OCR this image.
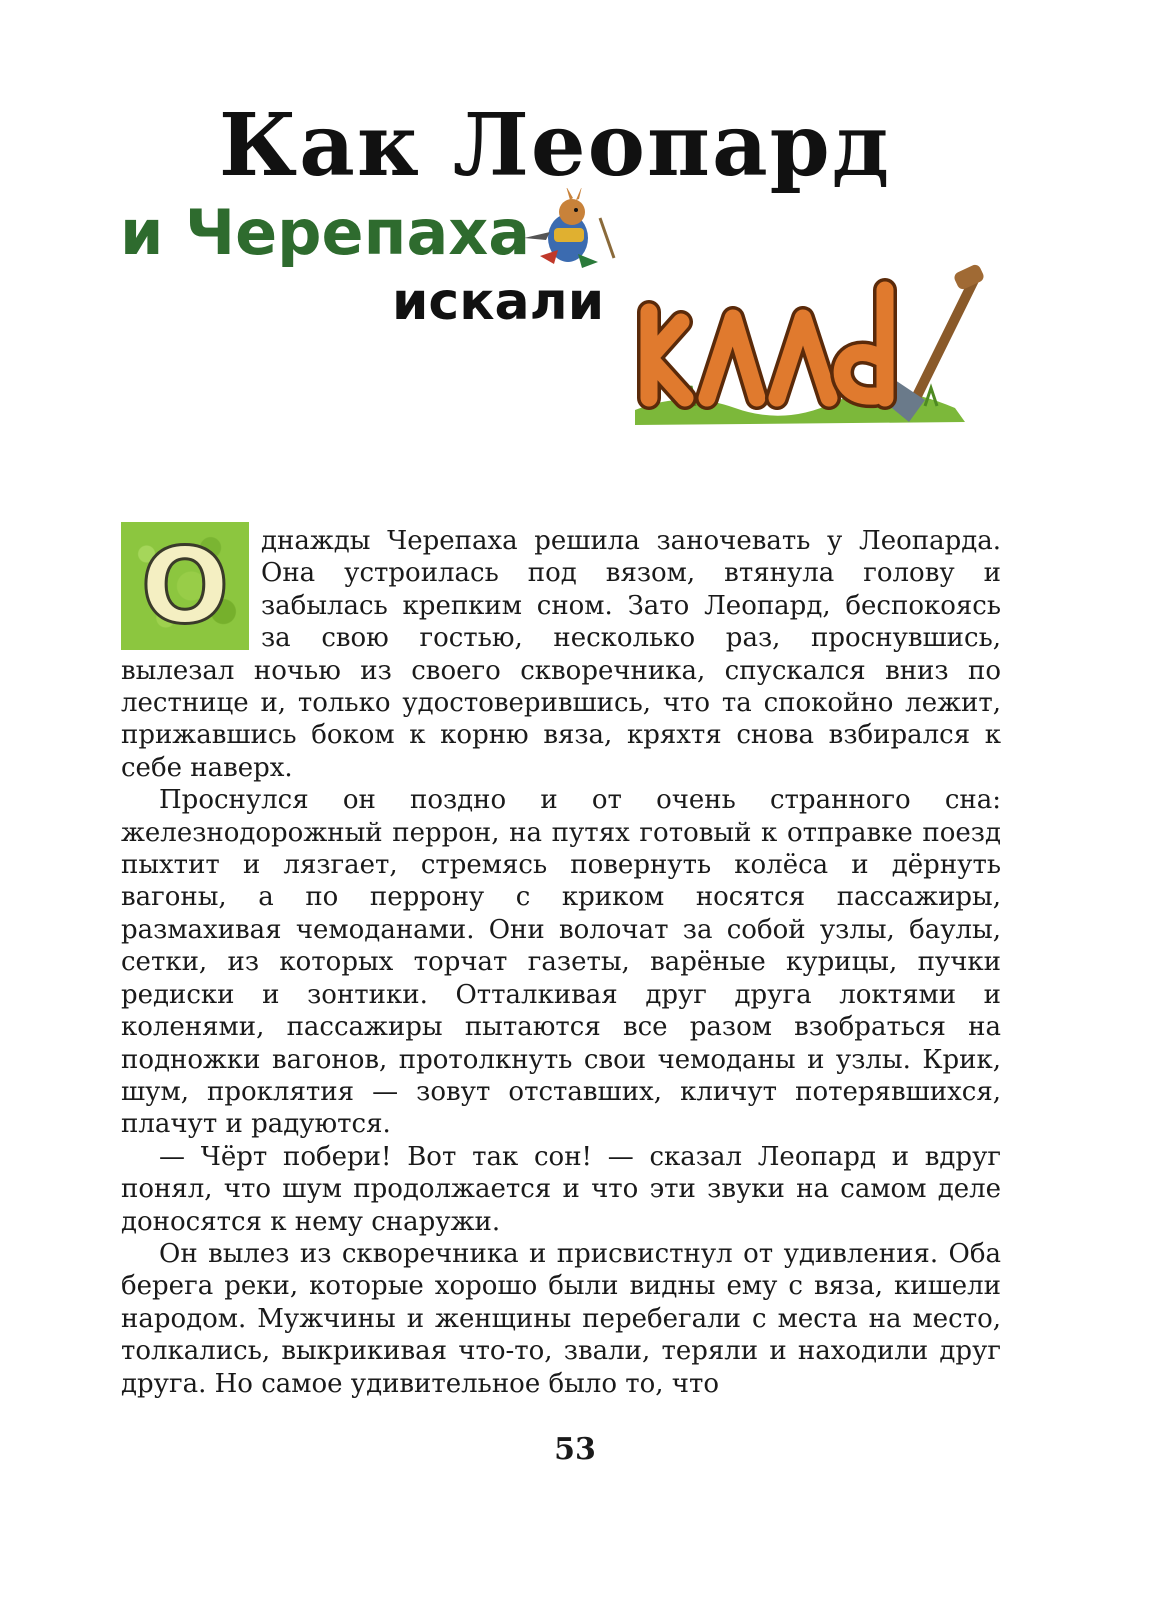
Как Леопард
и Черепаха
искали
клад
О	днажды Черепаха решила заночевать у Леопарда. Она устроилась под вязом, втянула голову и забылась крепким сном. Зато Леопард, беспокоясь за свою гостью, несколько раз, проснувшись, вылезал ночью из своего скворечника, спускался вниз по лестнице и, только удостоверившись, что та спокойно лежит, прижавшись боком к корню вяза, кряхтя снова взбирался к себе наверх.

Проснулся он поздно и от очень странного сна: железнодорожный перрон, на путях готовый к отправке поезд пыхтит и лязгает, стремясь повернуть колёса и дёрнуть вагоны, а по перрону с криком носятся пассажиры, размахивая чемоданами. Они волочат за собой узлы, баулы, сетки, из которых торчат газеты, варёные курицы, пучки редиски и зонтики. Отталкивая друг друга локтями и коленями, пассажиры пытаются все разом взобраться на подножки вагонов, протолкнуть свои чемоданы и узлы. Крик, шум, проклятия — зовут отставших, кличут потерявшихся, плачут и радуются.

— Чёрт побери! Вот так сон! — сказал Леопард и вдруг понял, что шум продолжается и что эти звуки на самом деле доносятся к нему снаружи.

Он вылез из скворечника и присвистнул от удивления. Оба берега реки, которые хорошо были видны ему с вяза, кишели народом. Мужчины и женщины перебегали с места на место, толкались, выкрикивая что-то, звали, теряли и находили друг друга. Но самое удивительное было то, что

53
